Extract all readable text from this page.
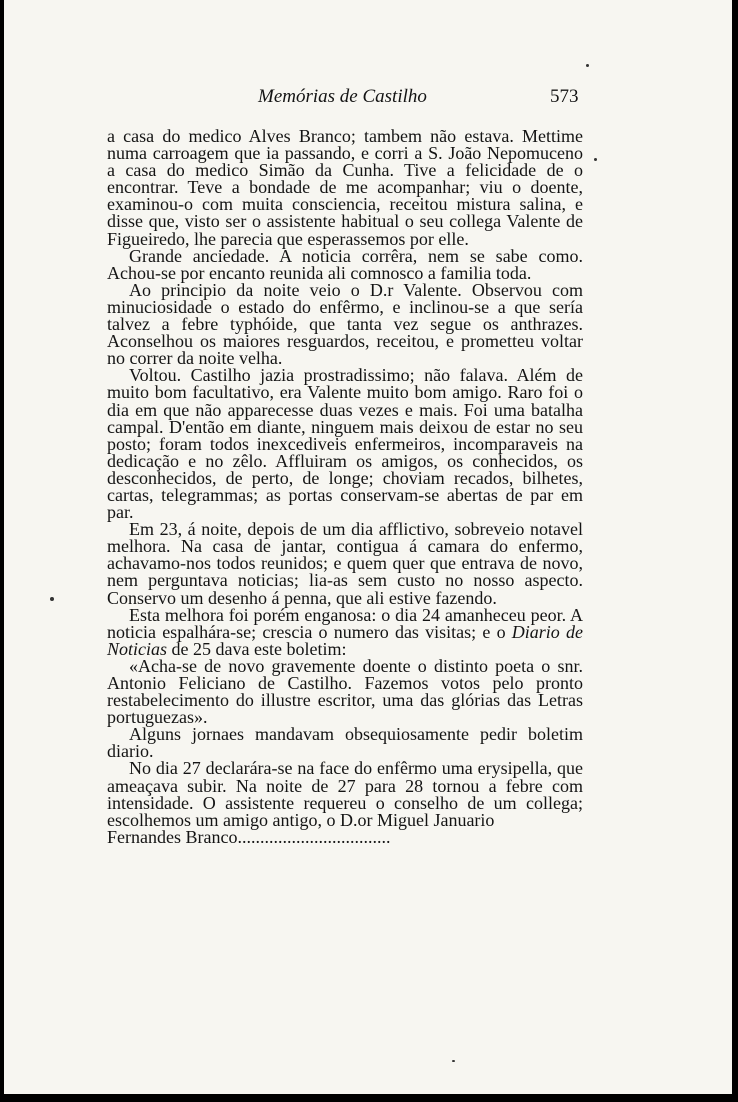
Memórias de Castilho	573

a casa do medico Alves Branco; tambem não estava. Mettime numa carroagem que ia passando, e corri a S. João Nepomuceno a casa do medico Simão da Cunha. Tive a felicidade de o encontrar. Teve a bondade de me acompanhar; viu o doente, examinou-o com muita consciencia, receitou mistura salina, e disse que, visto ser o assistente habitual o seu collega Valente de Figueiredo, lhe parecia que esperassemos por elle.

Grande anciedade. A noticia corrêra, nem se sabe como. Achou-se por encanto reunida ali comnosco a familia toda.

Ao principio da noite veio o D.r Valente. Observou com minuciosidade o estado do enfêrmo, e inclinou-se a que sería talvez a febre typhóide, que tanta vez segue os anthrazes. Aconselhou os maiores resguardos, receitou, e prometteu voltar no correr da noite velha.

Voltou. Castilho jazia prostradissimo; não falava. Além de muito bom facultativo, era Valente muito bom amigo. Raro foi o dia em que não apparecesse duas vezes e mais. Foi uma batalha campal. D'então em diante, ninguem mais deixou de estar no seu posto; foram todos inexcediveis enfermeiros, incomparaveis na dedicação e no zêlo. Affluiram os amigos, os conhecidos, os desconhecidos, de perto, de longe; choviam recados, bilhetes, cartas, telegrammas; as portas conservam-se abertas de par em par.

Em 23, á noite, depois de um dia afflictivo, sobreveio notavel melhora. Na casa de jantar, contigua á camara do enfermo, achavamo-nos todos reunidos; e quem quer que entrava de novo, nem perguntava noticias; lia-as sem custo no nosso aspecto. Conservo um desenho á penna, que ali estive fazendo.

Esta melhora foi porém enganosa: o dia 24 amanheceu peor. A noticia espalhára-se; crescia o numero das visitas; e o Diario de Noticias de 25 dava este boletim:

«Acha-se de novo gravemente doente o distinto poeta o snr. Antonio Feliciano de Castilho. Fazemos votos pelo pronto restabelecimento do illustre escritor, uma das glórias das Letras portuguezas».

Alguns jornaes mandavam obsequiosamente pedir boletim diario.

No dia 27 declarára-se na face do enfêrmo uma erysipella, que ameaçava subir. Na noite de 27 para 28 tornou a febre com intensidade. O assistente requereu o conselho de um collega; escolhemos um amigo antigo, o D.or Miguel Januario

Fernandes Branco..................................
